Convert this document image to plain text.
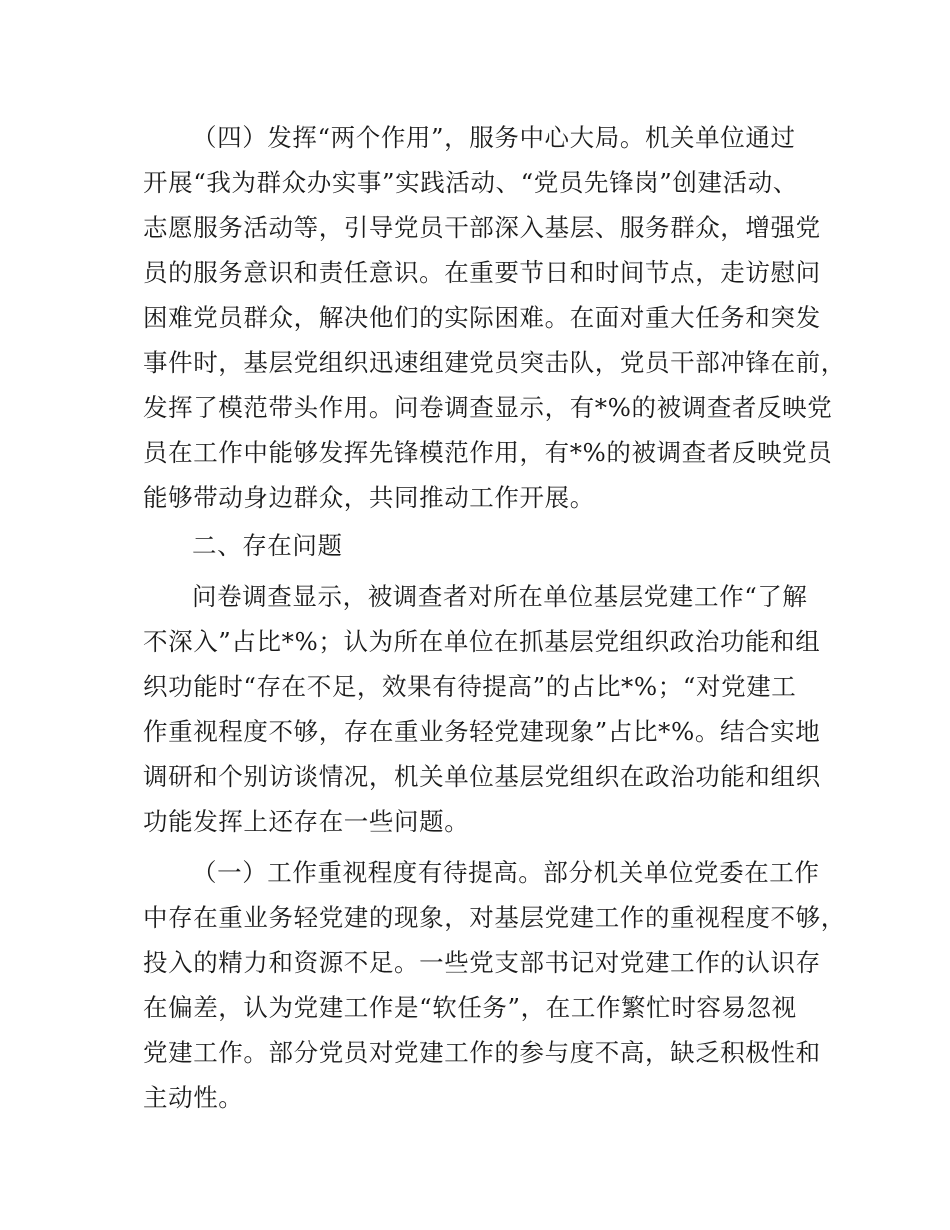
（四）发挥“两个作用”，服务中心大局。机关单位通过
开展“我为群众办实事”实践活动、“党员先锋岗”创建活动、
志愿服务活动等，引导党员干部深入基层、服务群众，增强党
员的服务意识和责任意识。在重要节日和时间节点，走访慰问
困难党员群众，解决他们的实际困难。在面对重大任务和突发
事件时，基层党组织迅速组建党员突击队，党员干部冲锋在前，
发挥了模范带头作用。问卷调查显示，有*%的被调查者反映党
员在工作中能够发挥先锋模范作用，有*%的被调查者反映党员
能够带动身边群众，共同推动工作开展。
二、存在问题
问卷调查显示，被调查者对所在单位基层党建工作“了解
不深入”占比*%；认为所在单位在抓基层党组织政治功能和组
织功能时“存在不足，效果有待提高”的占比*%；“对党建工
作重视程度不够，存在重业务轻党建现象”占比*%。结合实地
调研和个别访谈情况，机关单位基层党组织在政治功能和组织
功能发挥上还存在一些问题。
（一）工作重视程度有待提高。部分机关单位党委在工作
中存在重业务轻党建的现象，对基层党建工作的重视程度不够，
投入的精力和资源不足。一些党支部书记对党建工作的认识存
在偏差，认为党建工作是“软任务”，在工作繁忙时容易忽视
党建工作。部分党员对党建工作的参与度不高，缺乏积极性和
主动性。
